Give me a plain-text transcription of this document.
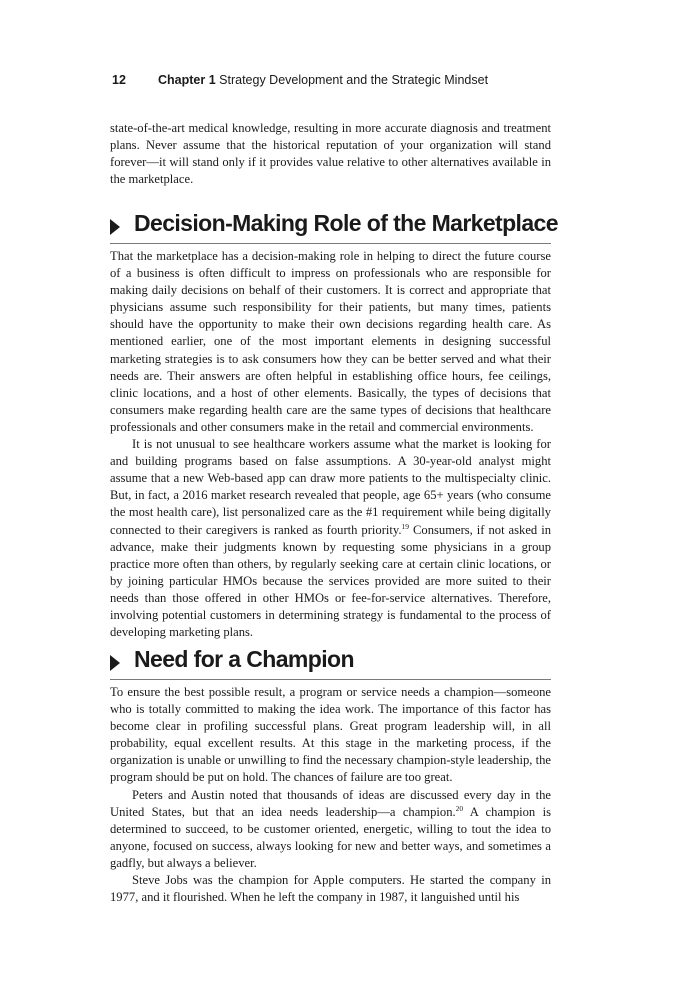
12	Chapter 1 Strategy Development and the Strategic Mindset

state-of-the-art medical knowledge, resulting in more accurate diagnosis and treatment plans. Never assume that the historical reputation of your organization will stand forever—it will stand only if it provides value relative to other alternatives available in the marketplace.

Decision-Making Role of the Marketplace

That the marketplace has a decision-making role in helping to direct the future course of a business is often difficult to impress on professionals who are responsible for making daily decisions on behalf of their customers. It is correct and appropriate that physicians assume such responsibility for their patients, but many times, patients should have the opportunity to make their own decisions regarding health care. As mentioned earlier, one of the most important elements in designing successful marketing strategies is to ask consumers how they can be better served and what their needs are. Their answers are often helpful in establishing office hours, fee ceilings, clinic locations, and a host of other elements. Basically, the types of decisions that consumers make regarding health care are the same types of decisions that healthcare professionals and other consumers make in the retail and commercial environments.

It is not unusual to see healthcare workers assume what the market is looking for and building programs based on false assumptions. A 30-year-old analyst might assume that a new Web-based app can draw more patients to the multispecialty clinic. But, in fact, a 2016 market research revealed that people, age 65+ years (who consume the most health care), list personalized care as the #1 requirement while being digitally connected to their caregivers is ranked as fourth priority.$^{19}$ Consumers, if not asked in advance, make their judgments known by requesting some physicians in a group practice more often than others, by regularly seeking care at certain clinic locations, or by joining particular HMOs because the services provided are more suited to their needs than those offered in other HMOs or fee-for-service alternatives. Therefore, involving potential customers in determining strategy is fundamental to the process of developing marketing plans.

Need for a Champion

To ensure the best possible result, a program or service needs a champion—someone who is totally committed to making the idea work. The importance of this factor has become clear in profiling successful plans. Great program leadership will, in all probability, equal excellent results. At this stage in the marketing process, if the organization is unable or unwilling to find the necessary champion-style leadership, the program should be put on hold. The chances of failure are too great.

Peters and Austin noted that thousands of ideas are discussed every day in the United States, but that an idea needs leadership—a champion.$^{20}$ A champion is determined to succeed, to be customer oriented, energetic, willing to tout the idea to anyone, focused on success, always looking for new and better ways, and sometimes a gadfly, but always a believer.

Steve Jobs was the champion for Apple computers. He started the company in 1977, and it flourished. When he left the company in 1987, it languished until his
